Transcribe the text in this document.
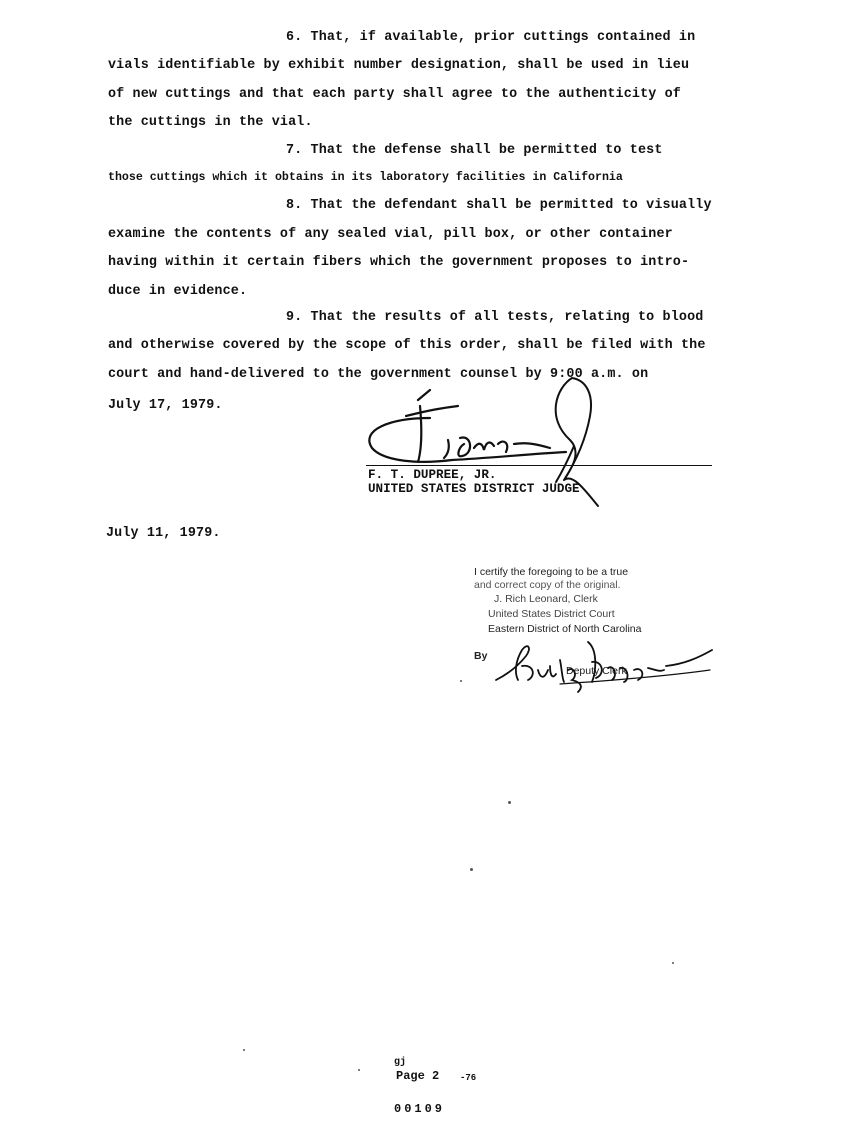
6. That, if available, prior cuttings contained in
vials identifiable by exhibit number designation, shall be used in lieu
of new cuttings and that each party shall agree to the authenticity of
the cuttings in the vial.
7. That the defense shall be permitted to test
those cuttings which it obtains in its laboratory facilities in California
8. That the defendant shall be permitted to visually
examine the contents of any sealed vial, pill box, or other container
having within it certain fibers which the government proposes to intro-
duce in evidence.
9. That the results of all tests, relating to blood
and otherwise covered by the scope of this order, shall be filed with the
court and hand-delivered to the government counsel by 9:00 a.m. on
July 17, 1979.
F. T. DUPREE, JR.
UNITED STATES DISTRICT JUDGE
July 11, 1979.
I certify the foregoing to be a true
and correct copy of the original.
J. Rich Leonard, Clerk
United States District Court
Eastern District of North Carolina
By
Deputy Clerk
gj
Page 2 -76
00109
